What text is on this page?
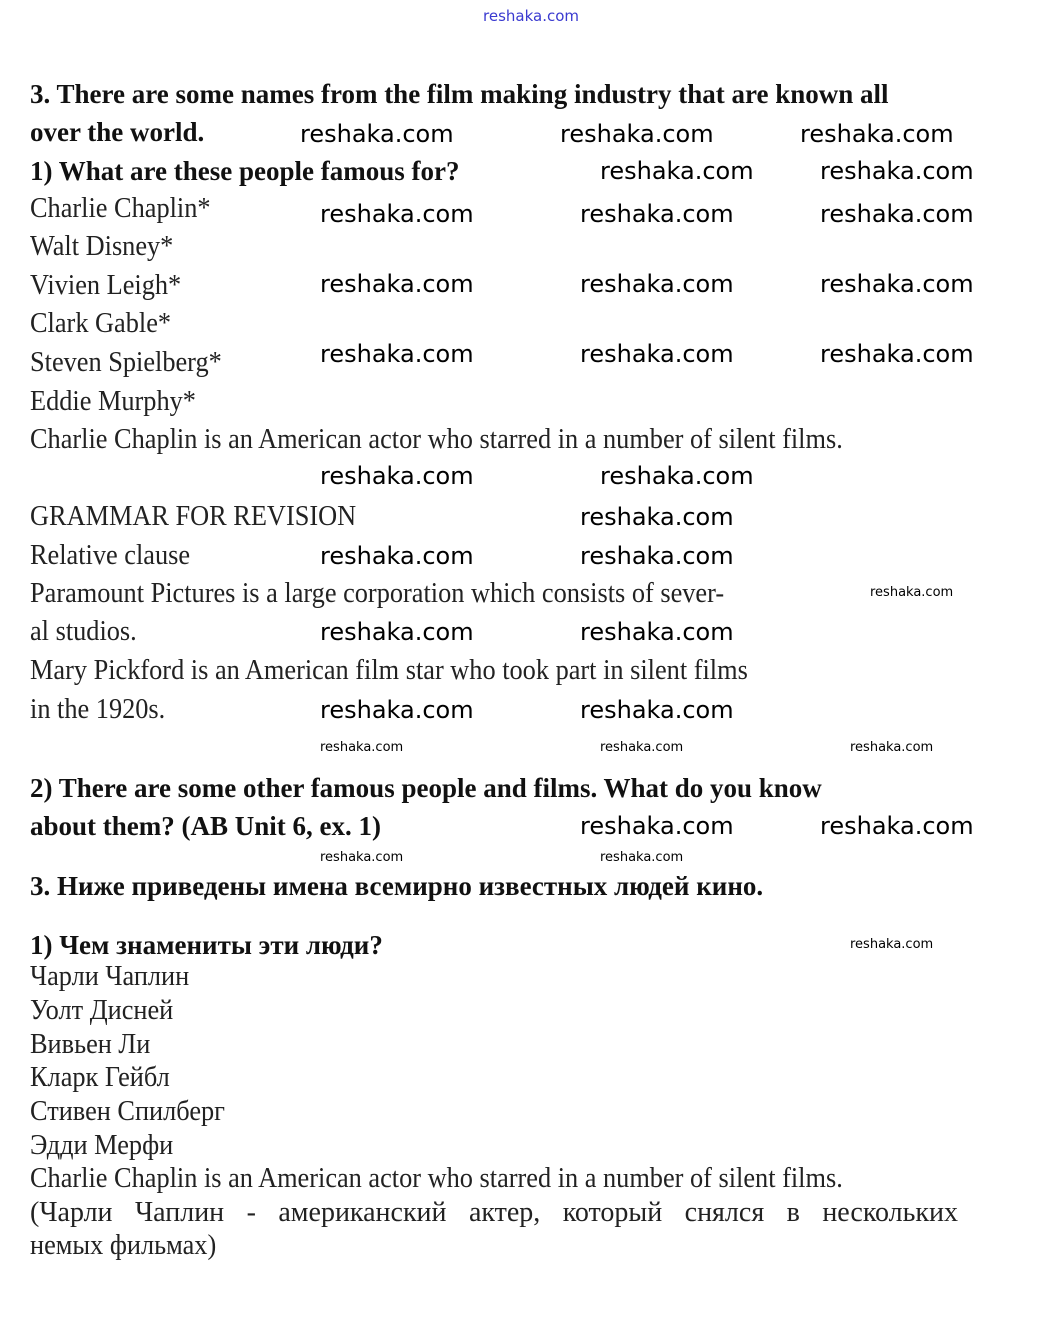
reshaka.com
3. There are some names from the film making industry that are known all
over the world.
1) What are these people famous for?
Charlie Chaplin*
Walt Disney*
Vivien Leigh*
Clark Gable*
Steven Spielberg*
Eddie Murphy*
Charlie Chaplin is an American actor who starred in a number of silent films.
GRAMMAR FOR REVISION
Relative clause
Paramount Pictures is a large corporation which consists of sever-
al studios.
Mary Pickford is an American film star who took part in silent films
in the 1920s.
2) There are some other famous people and films. What do you know
about them? (AB Unit 6, ex. 1)
3. Ниже приведены имена всемирно известных людей кино.
1) Чем знамениты эти люди?
Чарли Чаплин
Уолт Дисней
Вивьен Ли
Кларк Гейбл
Стивен Спилберг
Эдди Мерфи
Charlie Chaplin is an American actor who starred in a number of silent films.
(Чарли Чаплин - американский актер, который снялся в нескольких
немых фильмах)
reshaka.com	reshaka.com	reshaka.com
reshaka.com	reshaka.com
reshaka.com	reshaka.com	reshaka.com
reshaka.com	reshaka.com	reshaka.com
reshaka.com	reshaka.com	reshaka.com
reshaka.com	reshaka.com
reshaka.com
reshaka.com	reshaka.com
reshaka.com	reshaka.com
reshaka.com	reshaka.com
reshaka.com	reshaka.com
reshaka.com
reshaka.com	reshaka.com	reshaka.com
reshaka.com	reshaka.com
reshaka.com
